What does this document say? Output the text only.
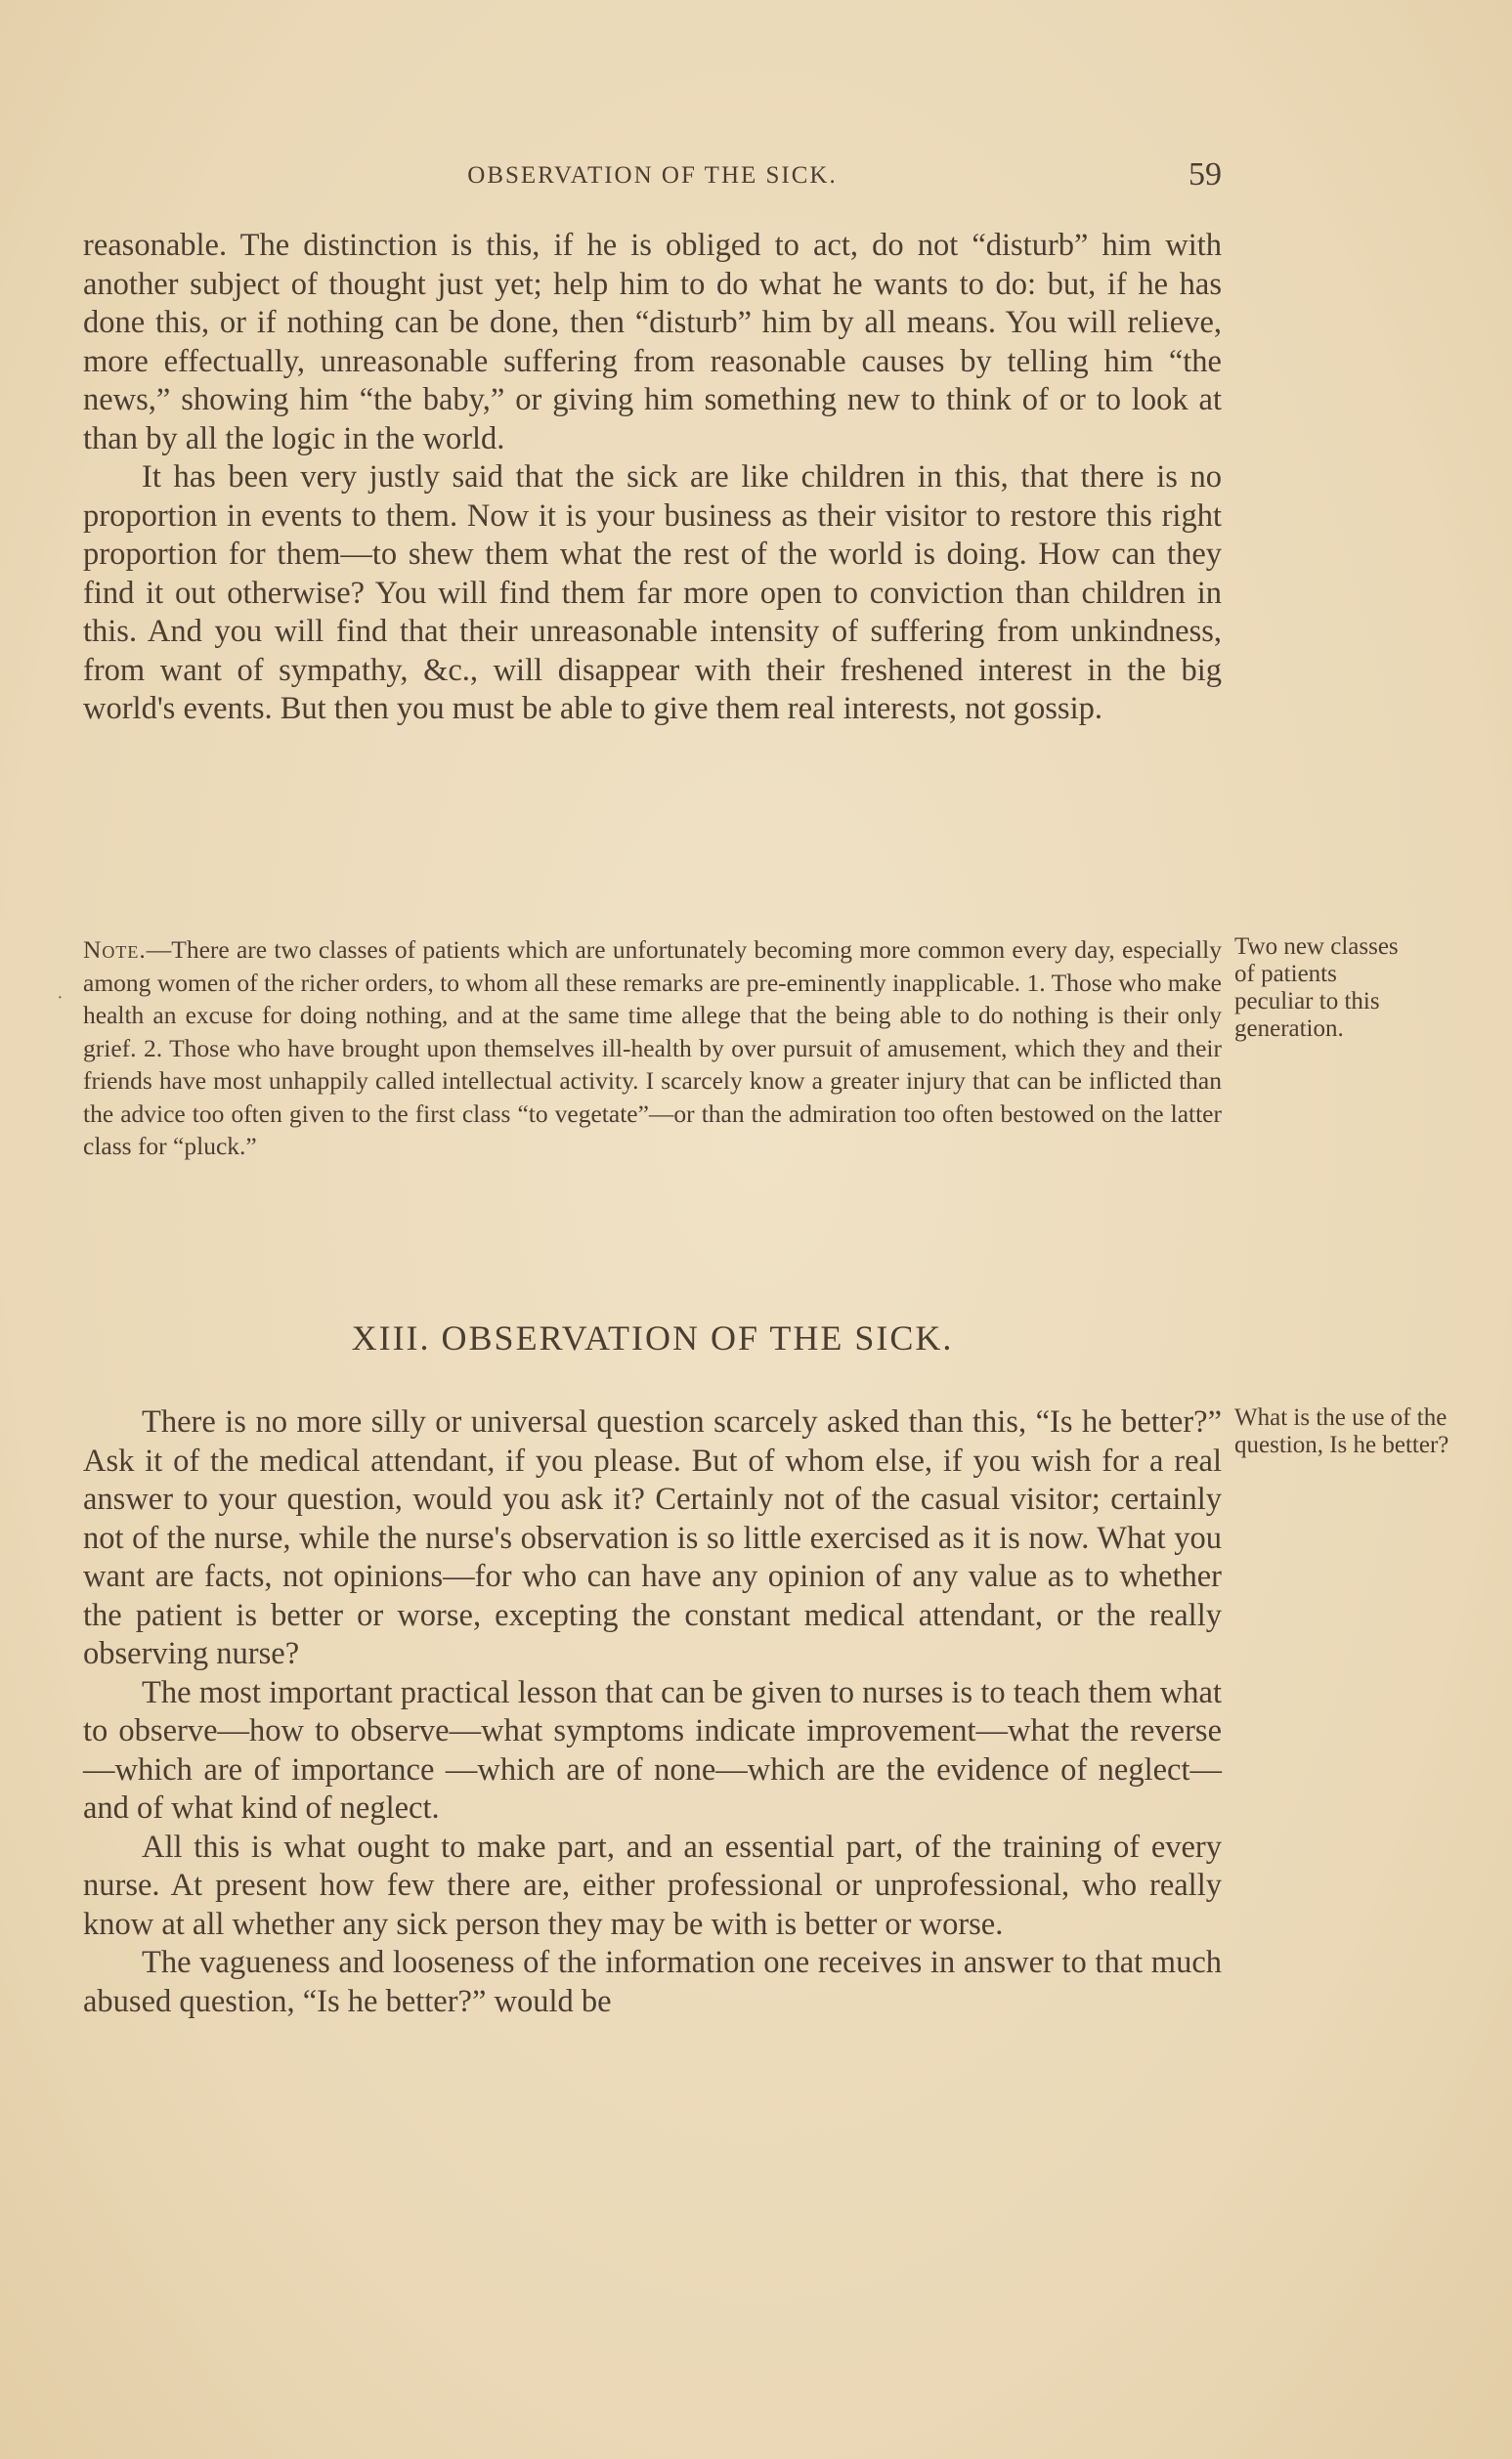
OBSERVATION OF THE SICK.	59

reasonable. The distinction is this, if he is obliged to act, do not “disturb” him with another subject of thought just yet; help him to do what he wants to do: but, if he has done this, or if nothing can be done, then “disturb” him by all means. You will relieve, more effectually, unreasonable suffering from reasonable causes by telling him “the news,” showing him “the baby,” or giving him something new to think of or to look at than by all the logic in the world.

It has been very justly said that the sick are like children in this, that there is no proportion in events to them. Now it is your business as their visitor to restore this right proportion for them—to shew them what the rest of the world is doing. How can they find it out otherwise? You will find them far more open to conviction than children in this. And you will find that their unreasonable intensity of suffering from unkindness, from want of sympathy, &c., will disappear with their freshened interest in the big world's events. But then you must be able to give them real interests, not gossip.

·
Note.—There are two classes of patients which are unfortunately becoming more common every day, especially among women of the richer orders, to whom all these remarks are pre-eminently inapplicable. 1. Those who make health an excuse for doing nothing, and at the same time allege that the being able to do nothing is their only grief. 2. Those who have brought upon themselves ill-health by over pursuit of amusement, which they and their friends have most unhappily called intellectual activity. I scarcely know a greater injury that can be inflicted than the advice too often given to the first class “to vegetate”—or than the admiration too often bestowed on the latter class for “pluck.”
Two new classes of patients peculiar to this generation.
XIII. OBSERVATION OF THE SICK.

There is no more silly or universal question scarcely asked than this, “Is he better?” Ask it of the medical attendant, if you please. But of whom else, if you wish for a real answer to your question, would you ask it? Certainly not of the casual visitor; certainly not of the nurse, while the nurse's observation is so little exercised as it is now. What you want are facts, not opinions—for who can have any opinion of any value as to whether the patient is better or worse, excepting the constant medical attendant, or the really observing nurse?

The most important practical lesson that can be given to nurses is to teach them what to observe—how to observe—what symptoms indicate improvement—what the reverse—which are of importance —which are of none—which are the evidence of neglect—and of what kind of neglect.

All this is what ought to make part, and an essential part, of the training of every nurse. At present how few there are, either professional or unprofessional, who really know at all whether any sick person they may be with is better or worse.

The vagueness and looseness of the information one receives in answer to that much abused question, “Is he better?” would be

What is the use of the question, Is he better?
